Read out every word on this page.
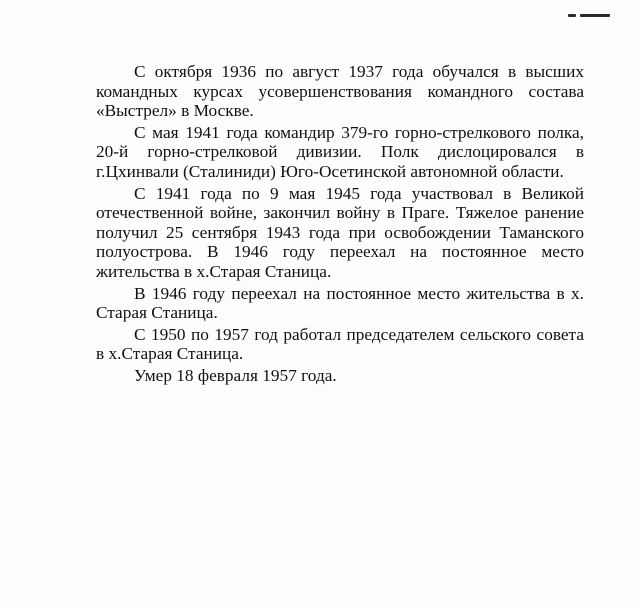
С октября 1936 по август 1937 года обучался в высших командных курсах усовершенствования командного состава «Выстрел» в Москве.

С мая 1941 года командир 379-го горно-стрелкового полка, 20-й горно-стрелковой дивизии. Полк дислоцировался в г.Цхинвали (Сталиниди) Юго-Осетинской автономной области.

С 1941 года по 9 мая 1945 года участвовал в Великой отечественной войне, закончил войну в Праге. Тяжелое ранение получил 25 сентября 1943 года при освобождении Таманского полуострова. В 1946 году переехал на постоянное место жительства в х.Старая Станица.

В 1946 году переехал на постоянное место жительства в х. Старая Станица.

С 1950 по 1957 год работал председателем сельского совета в х.Старая Станица.

Умер 18 февраля 1957 года.
